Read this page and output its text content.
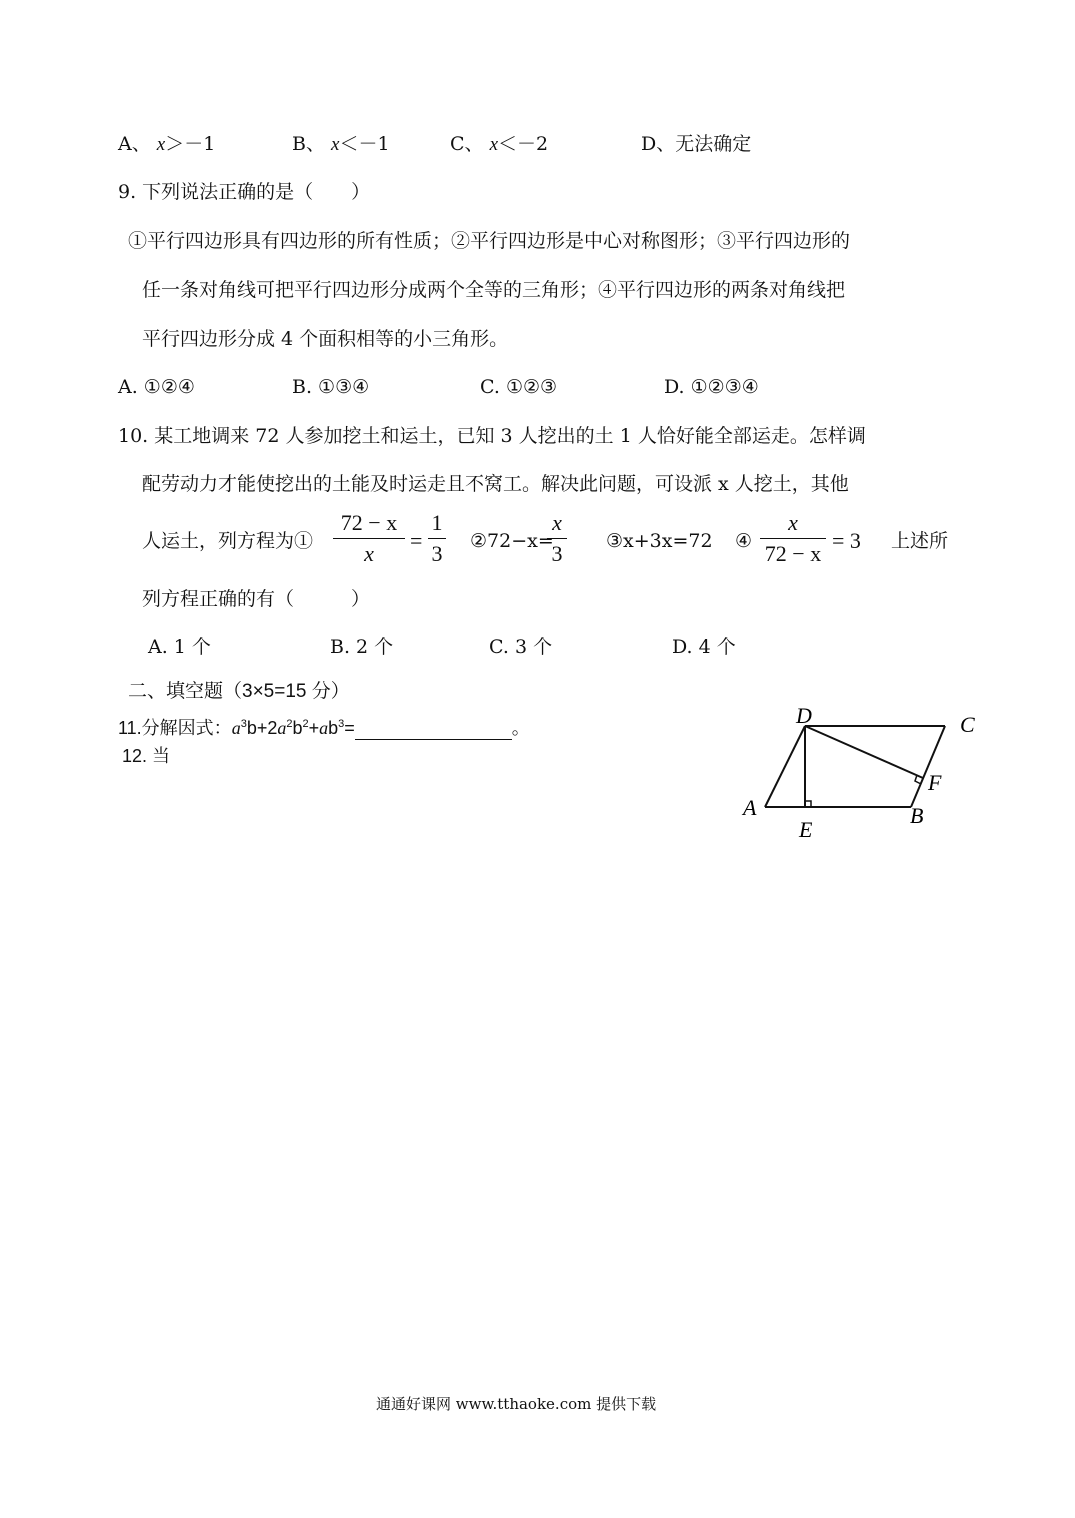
A、 x＞－1	B、 x＜－1	C、 x＜－2	D、无法确定
9. 下列说法正确的是（　　）
①平行四边形具有四边形的所有性质；②平行四边形是中心对称图形；③平行四边形的
任一条对角线可把平行四边形分成两个全等的三角形；④平行四边形的两条对角线把
平行四边形分成 4 个面积相等的小三角形。
A. ①②④	B. ①③④	C. ①②③	D. ①②③④
10. 某工地调来 72 人参加挖土和运土，已知 3 人挖出的土 1 人恰好能全部运走。怎样调
配劳动力才能使挖出的土能及时运走且不窝工。解决此问题，可设派 x 人挖土，其他
人运土，列方程为①
72 − x
x
=
1
3 ②72−x=
x
3 ③x+3x=72 ④
x
72 − x
= 3 上述所
列方程正确的有（　　　）
A. 1 个	B. 2 个	C. 3 个	D. 4 个
二、填空题（3×5=15 分）
11.分解因式：$a^3b+2a^2b^2+ab^3=$	。
12. 当
D	C
A
E
B
F
通通好课网 www.tthaoke.com 提供下载
